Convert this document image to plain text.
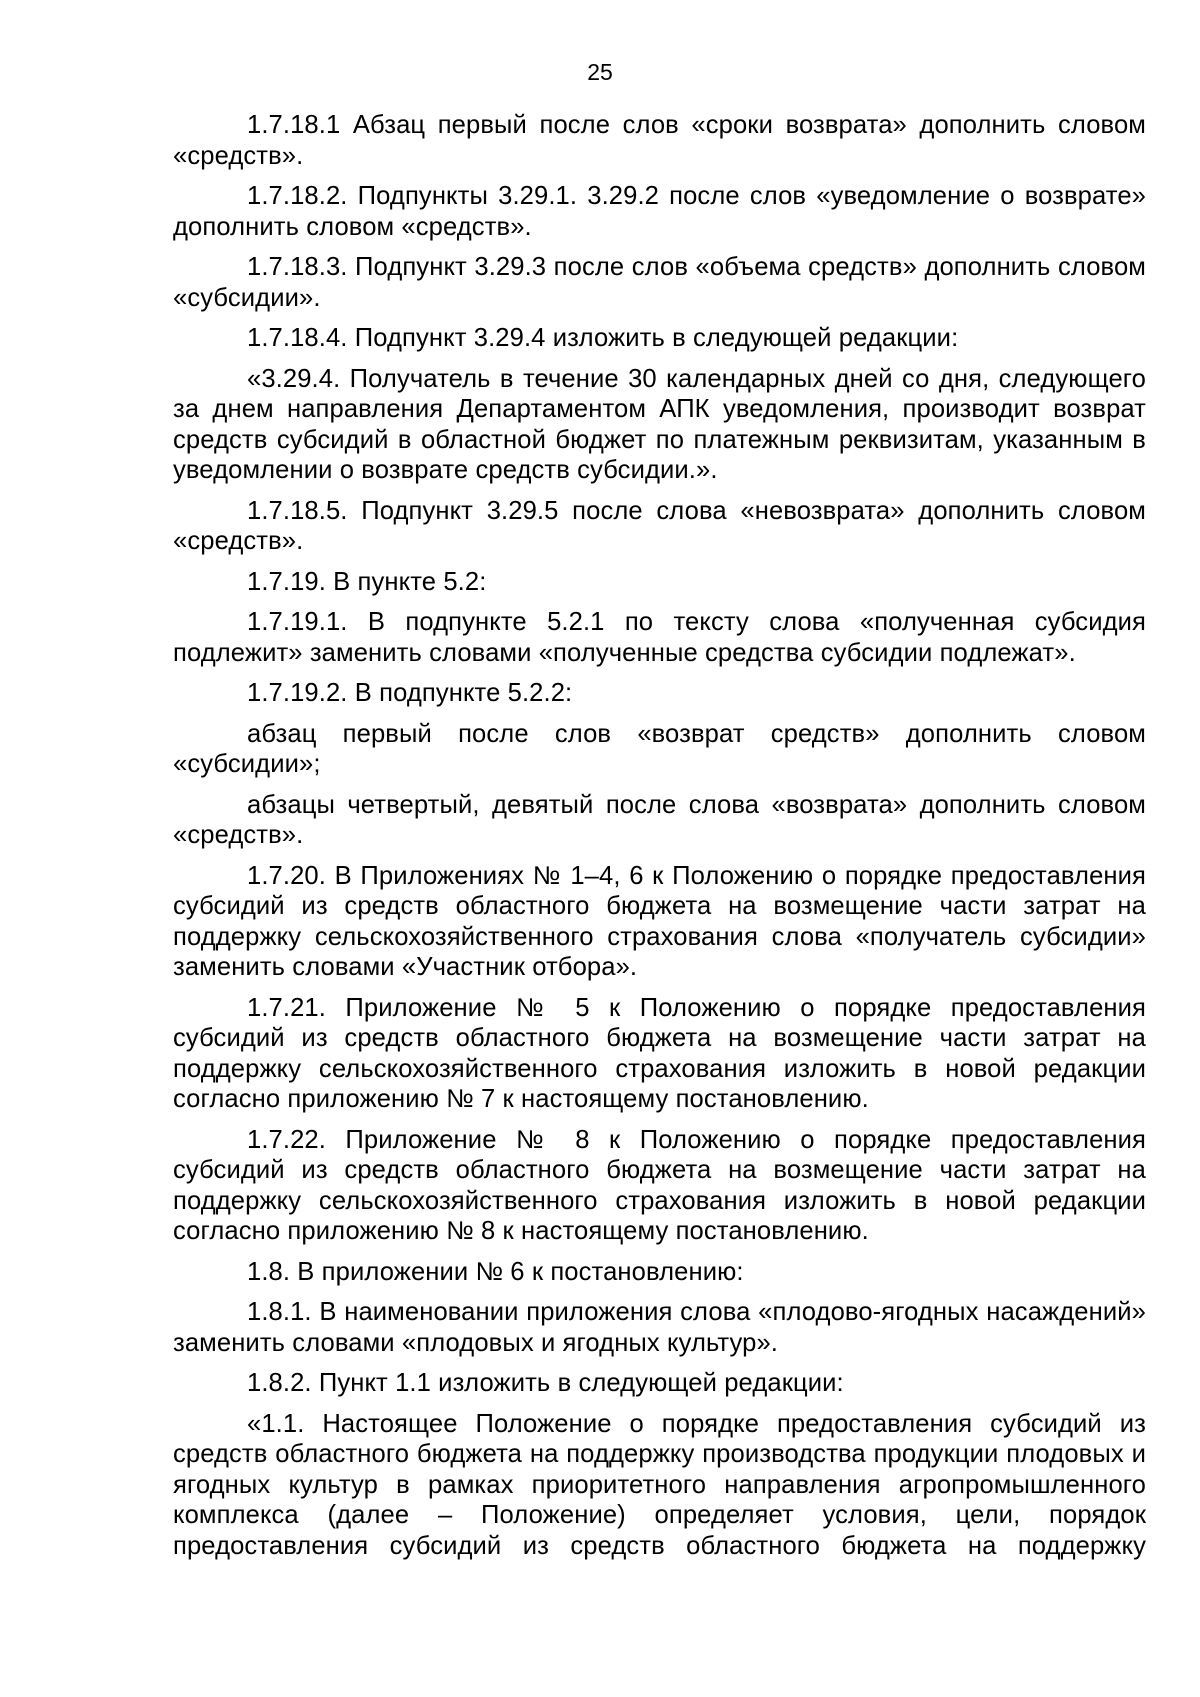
25

1.7.18.1 Абзац первый после слов «сроки возврата» дополнить словом «средств».

1.7.18.2. Подпункты 3.29.1. 3.29.2 после слов «уведомление о возврате» дополнить словом «средств».

1.7.18.3. Подпункт 3.29.3 после слов «объема средств» дополнить словом «субсидии».

1.7.18.4. Подпункт 3.29.4 изложить в следующей редакции:

«3.29.4. Получатель в течение 30 календарных дней со дня, следующего за днем направления Департаментом АПК уведомления, производит возврат средств субсидий в областной бюджет по платежным реквизитам, указанным в уведомлении о возврате средств субсидии.».

1.7.18.5. Подпункт 3.29.5 после слова «невозврата» дополнить словом «средств».

1.7.19. В пункте 5.2:

1.7.19.1. В подпункте 5.2.1 по тексту слова «полученная субсидия подлежит» заменить словами «полученные средства субсидии подлежат».

1.7.19.2. В подпункте 5.2.2:

абзац первый после слов «возврат средств» дополнить словом «субсидии»;

абзацы четвертый, девятый после слова «возврата» дополнить словом «средств».

1.7.20. В Приложениях № 1–4, 6 к Положению о порядке предоставления субсидий из средств областного бюджета на возмещение части затрат на поддержку сельскохозяйственного страхования слова «получатель субсидии» заменить словами «Участник отбора».

1.7.21. Приложение № 5 к Положению о порядке предоставления субсидий из средств областного бюджета на возмещение части затрат на поддержку сельскохозяйственного страхования изложить в новой редакции согласно приложению № 7 к настоящему постановлению.

1.7.22. Приложение № 8 к Положению о порядке предоставления субсидий из средств областного бюджета на возмещение части затрат на поддержку сельскохозяйственного страхования изложить в новой редакции согласно приложению № 8 к настоящему постановлению.

1.8. В приложении № 6 к постановлению:

1.8.1. В наименовании приложения слова «плодово-ягодных насаждений» заменить словами «плодовых и ягодных культур».

1.8.2. Пункт 1.1 изложить в следующей редакции:

«1.1. Настоящее Положение о порядке предоставления субсидий из средств областного бюджета на поддержку производства продукции плодовых и ягодных культур в рамках приоритетного направления агропромышленного комплекса (далее – Положение) определяет условия, цели, порядок предоставления субсидий из средств областного бюджета на поддержку
